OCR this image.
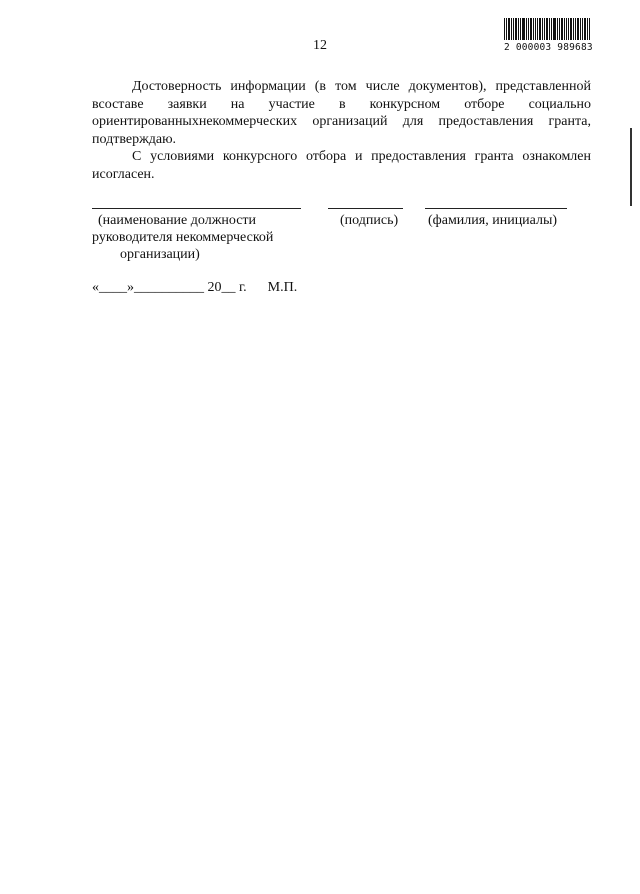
12	2 000003 989683

Достоверность информации (в том числе документов), представленной всоставе заявки на участие в конкурсном отборе социально ориентированныхнекоммерческих организаций для предоставления гранта, подтверждаю.

С условиями конкурсного отбора и предоставления гранта ознакомлен исогласен.

(наименование должности
руководителя некоммерческой
организации)
(подпись) (фамилия, инициалы)
«____»__________ 20__ г. М.П.
